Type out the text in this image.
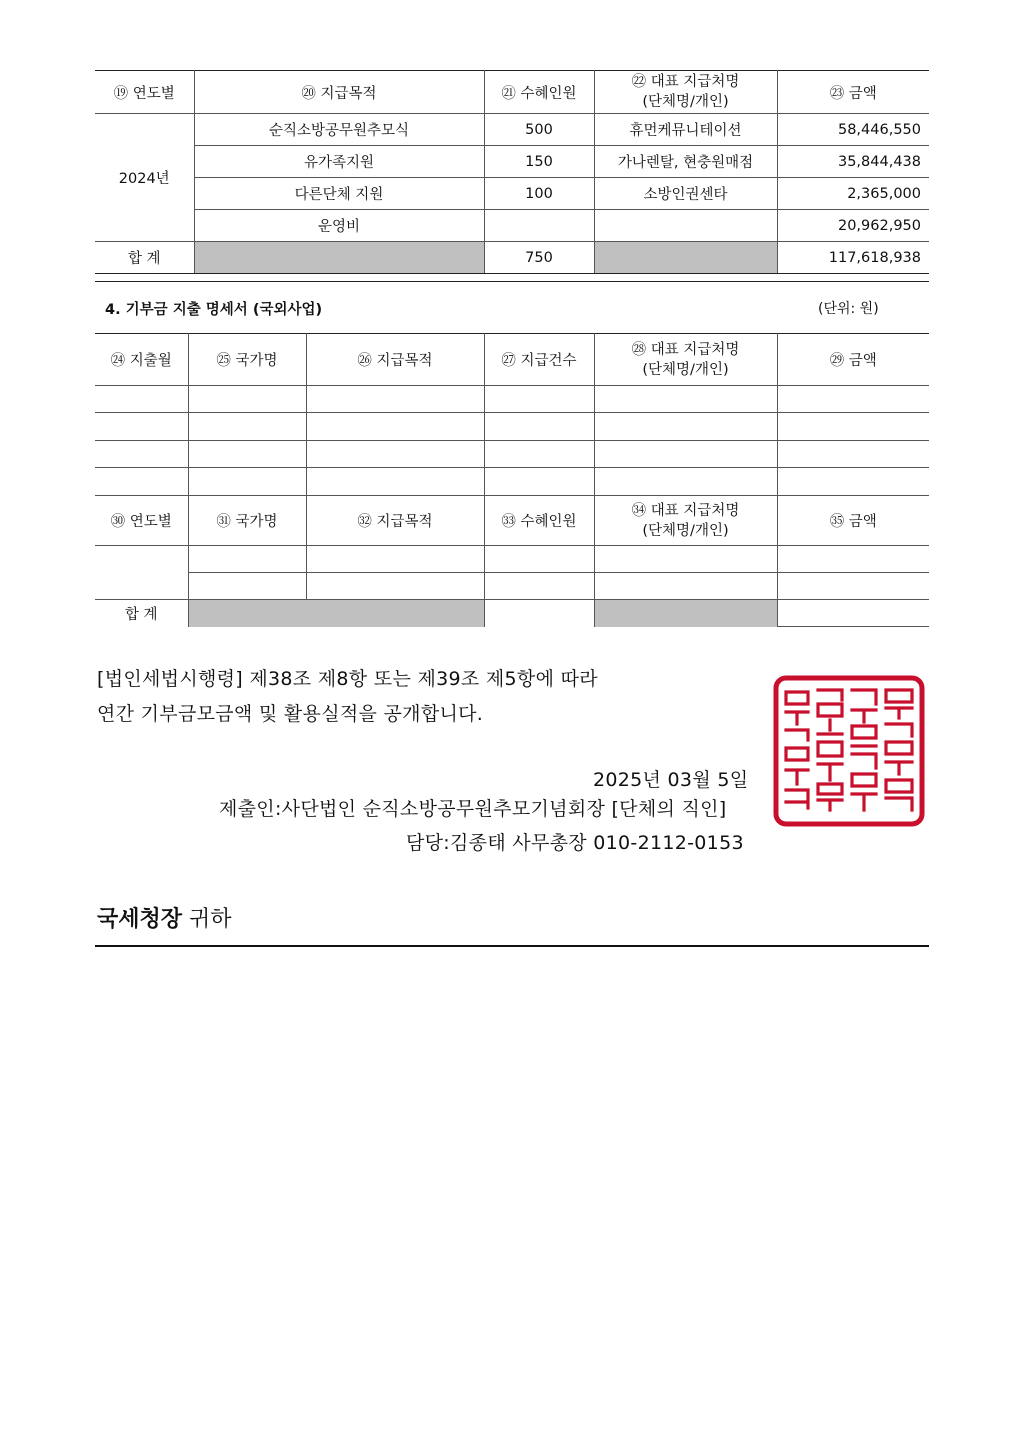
⑲ 연도별	⑳ 지급목적	㉑ 수혜인원	㉒ 대표 지급처명
(단체명/개인)	㉓ 금액
2024년	순직소방공무원추모식	500	휴먼케뮤니테이션	58,446,550
	유가족지원	150	가나렌탈, 현충원매점	35,844,438
	다른단체 지원	100	소방인권센타	2,365,000
	운영비			20,962,950
합 계		750		117,618,938
4. 기부금 지출 명세서 (국외사업)	(단위: 원)
㉔ 지출월	㉕ 국가명	㉖ 지급목적	㉗ 지급건수	㉘ 대표 지급처명
(단체명/개인)	㉙ 금액

㉚ 연도별	㉛ 국가명	㉜ 지급목적	㉝ 수혜인원	㉞ 대표 지급처명
(단체명/개인)	㉟ 금액

합 계					
[법인세법시행령] 제38조 제8항 또는 제39조 제5항에 따라
연간 기부금모금액 및 활용실적을 공개합니다.
2025년 03월 5일
제출인:사단법인 순직소방공무원추모기념회장 [단체의 직인]
담당:김종태 사무총장 010-2112-0153
국세청장 귀하
